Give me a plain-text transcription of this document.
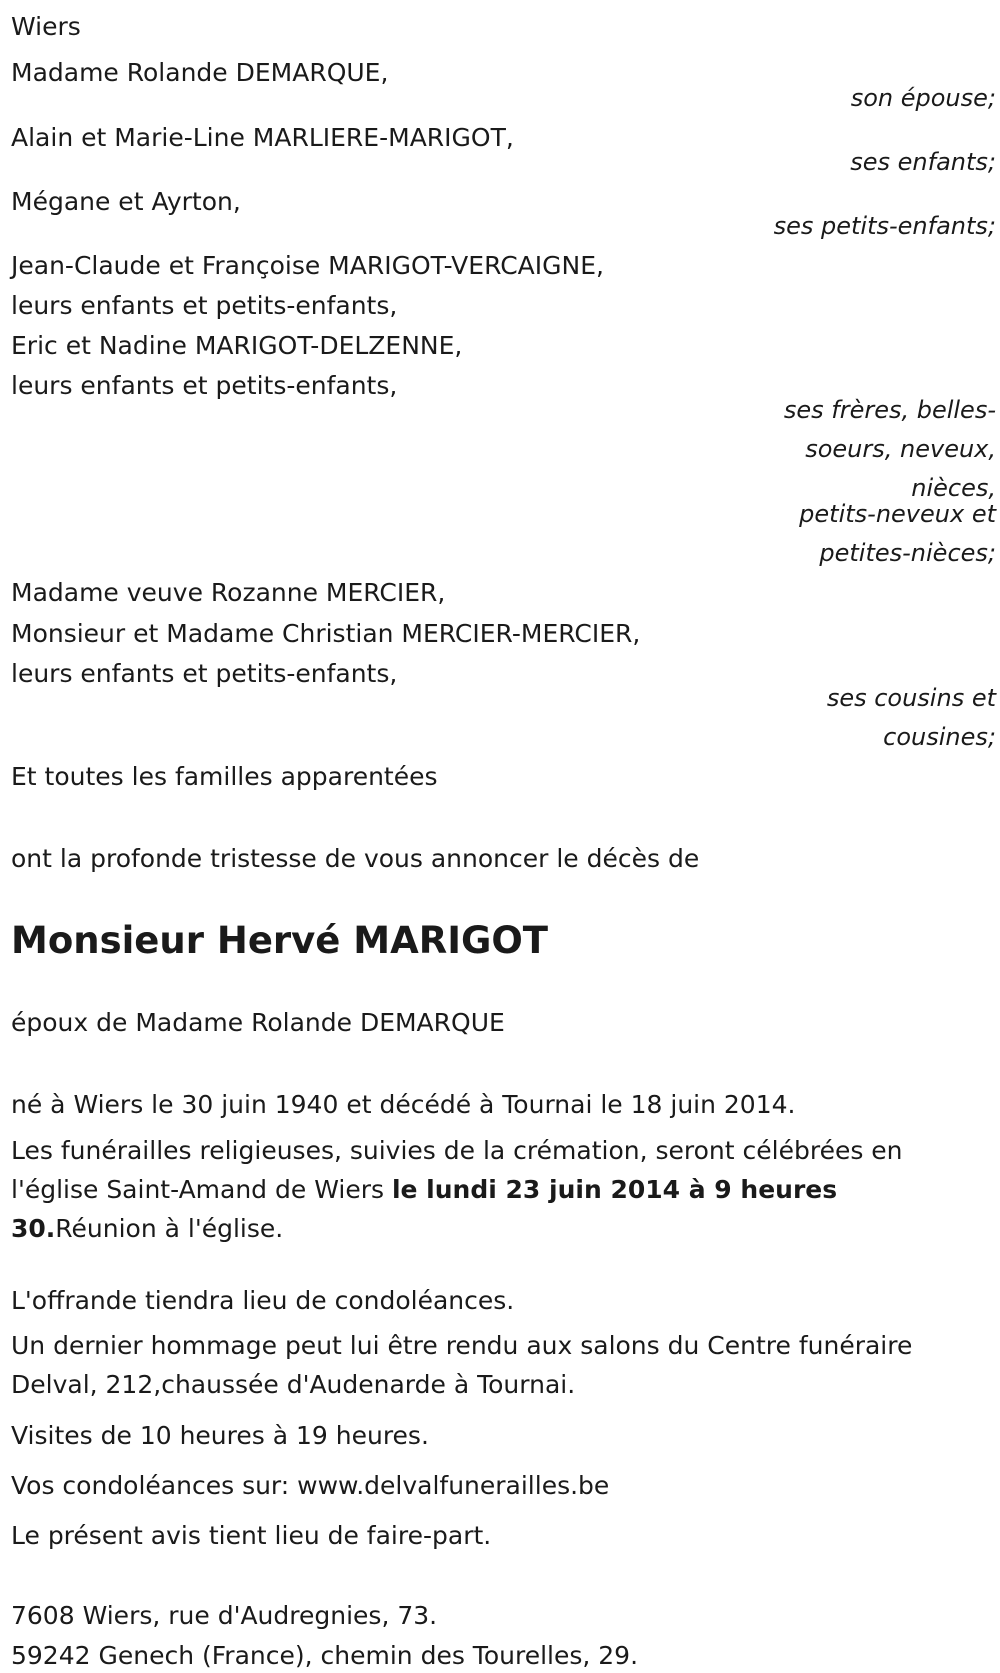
Wiers
Madame Rolande DEMARQUE,
son épouse;
Alain et Marie-Line MARLIERE-MARIGOT,
ses enfants;
Mégane et Ayrton,
ses petits-enfants;
Jean-Claude et Françoise MARIGOT-VERCAIGNE,
leurs enfants et petits-enfants,
Eric et Nadine MARIGOT-DELZENNE,
leurs enfants et petits-enfants,
ses frères, belles-soeurs, neveux, nièces,
petits-neveux et petites-nièces;
Madame veuve Rozanne MERCIER,
Monsieur et Madame Christian MERCIER-MERCIER,
leurs enfants et petits-enfants,
ses cousins et cousines;
Et toutes les familles apparentées
ont la profonde tristesse de vous annoncer le décès de
Monsieur Hervé MARIGOT
époux de Madame Rolande DEMARQUE
né à Wiers le 30 juin 1940 et décédé à Tournai le 18 juin 2014.
Les funérailles religieuses, suivies de la crémation, seront célébrées en l'église Saint-Amand de Wiers le lundi 23 juin 2014 à 9 heures 30.Réunion à l'église.
L'offrande tiendra lieu de condoléances.
Un dernier hommage peut lui être rendu aux salons du Centre funéraire Delval, 212,chaussée d'Audenarde à Tournai.
Visites de 10 heures à 19 heures.
Vos condoléances sur: www.delvalfunerailles.be
Le présent avis tient lieu de faire-part.
7608 Wiers, rue d'Audregnies, 73.
59242 Genech (France), chemin des Tourelles, 29.
